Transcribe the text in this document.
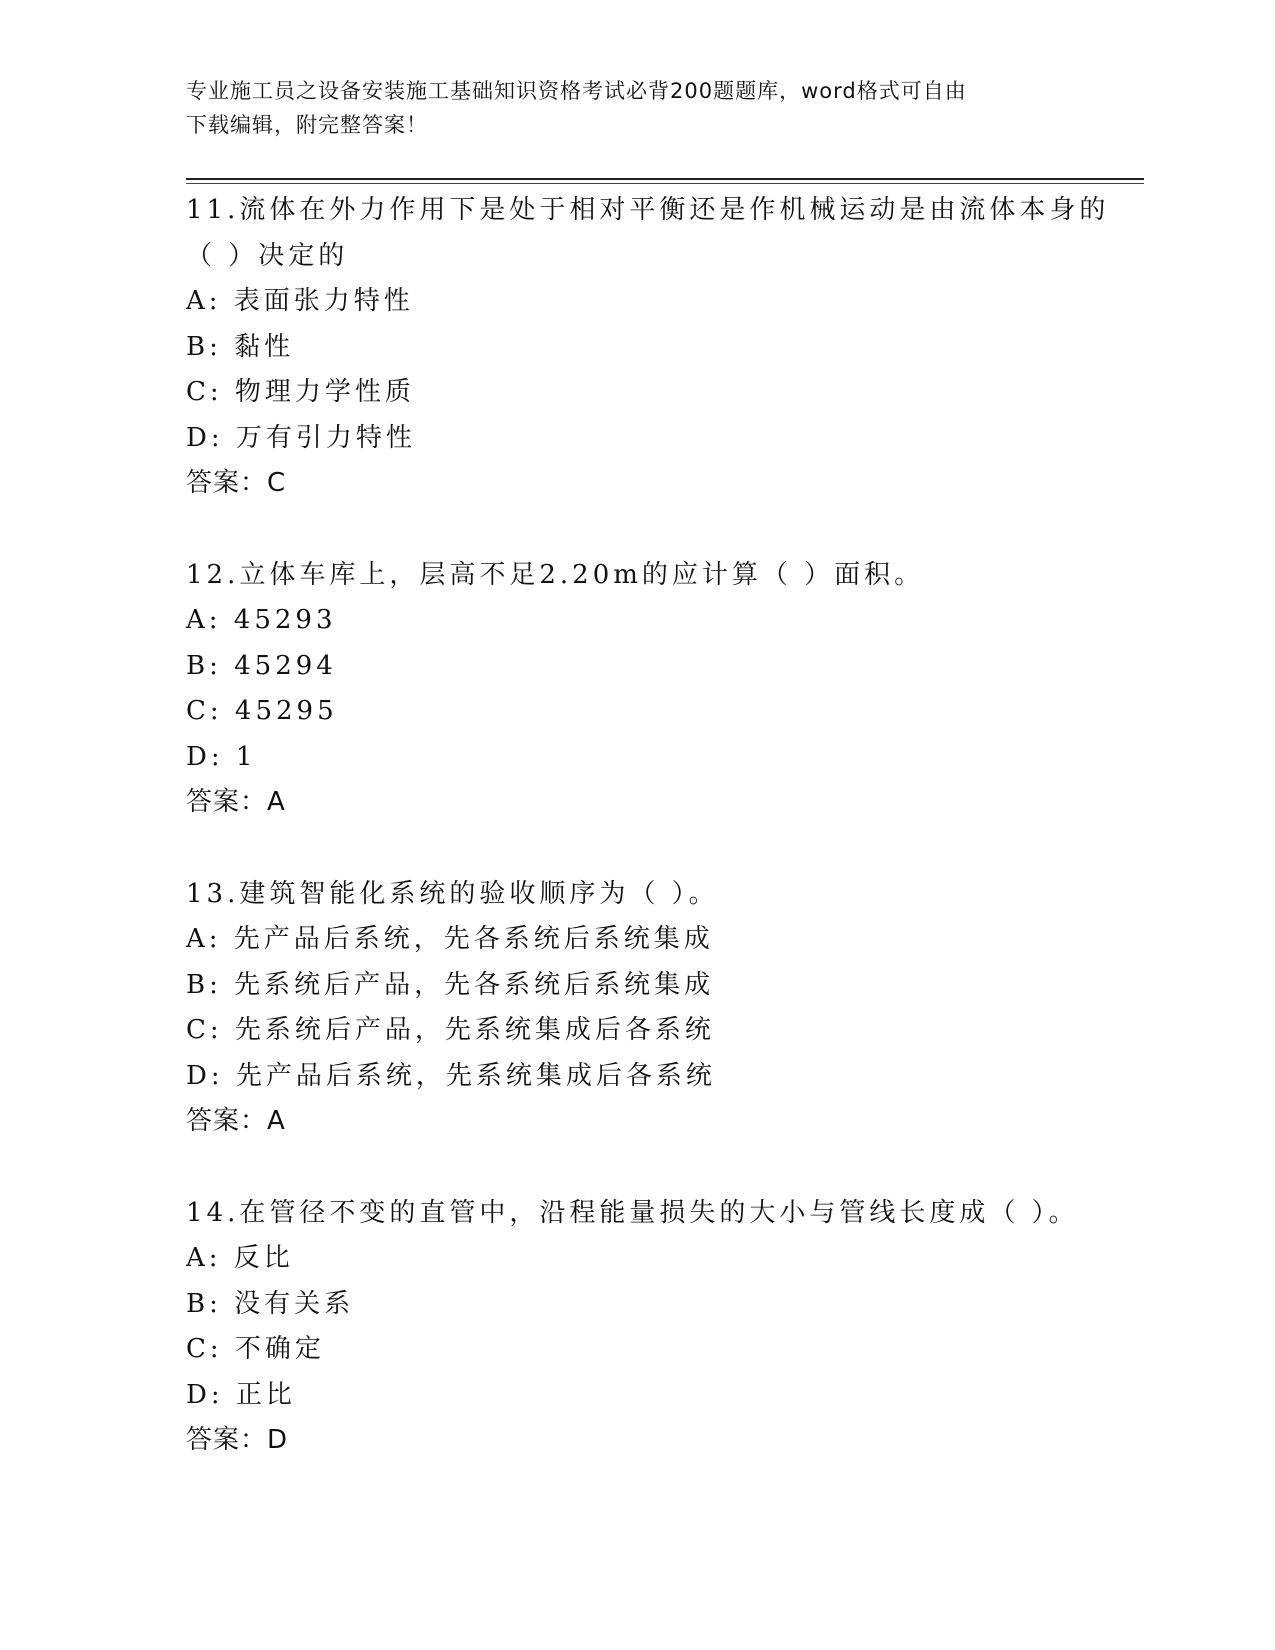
专业施工员之设备安装施工基础知识资格考试必背200题题库，word格式可自由
下载编辑，附完整答案！
11.流体在外力作用下是处于相对平衡还是作机械运动是由流体本身的
（ ）决定的
A: 表面张力特性
B: 黏性
C: 物理力学性质
D: 万有引力特性
答案：C
12.立体车库上，层高不足2.20m的应计算（ ）面积。
A: 45293
B: 45294
C: 45295
D: 1
答案：A
13.建筑智能化系统的验收顺序为（ ）。
A: 先产品后系统，先各系统后系统集成
B: 先系统后产品，先各系统后系统集成
C: 先系统后产品，先系统集成后各系统
D: 先产品后系统，先系统集成后各系统
答案：A
14.在管径不变的直管中，沿程能量损失的大小与管线长度成（ ）。
A: 反比
B: 没有关系
C: 不确定
D: 正比
答案：D
